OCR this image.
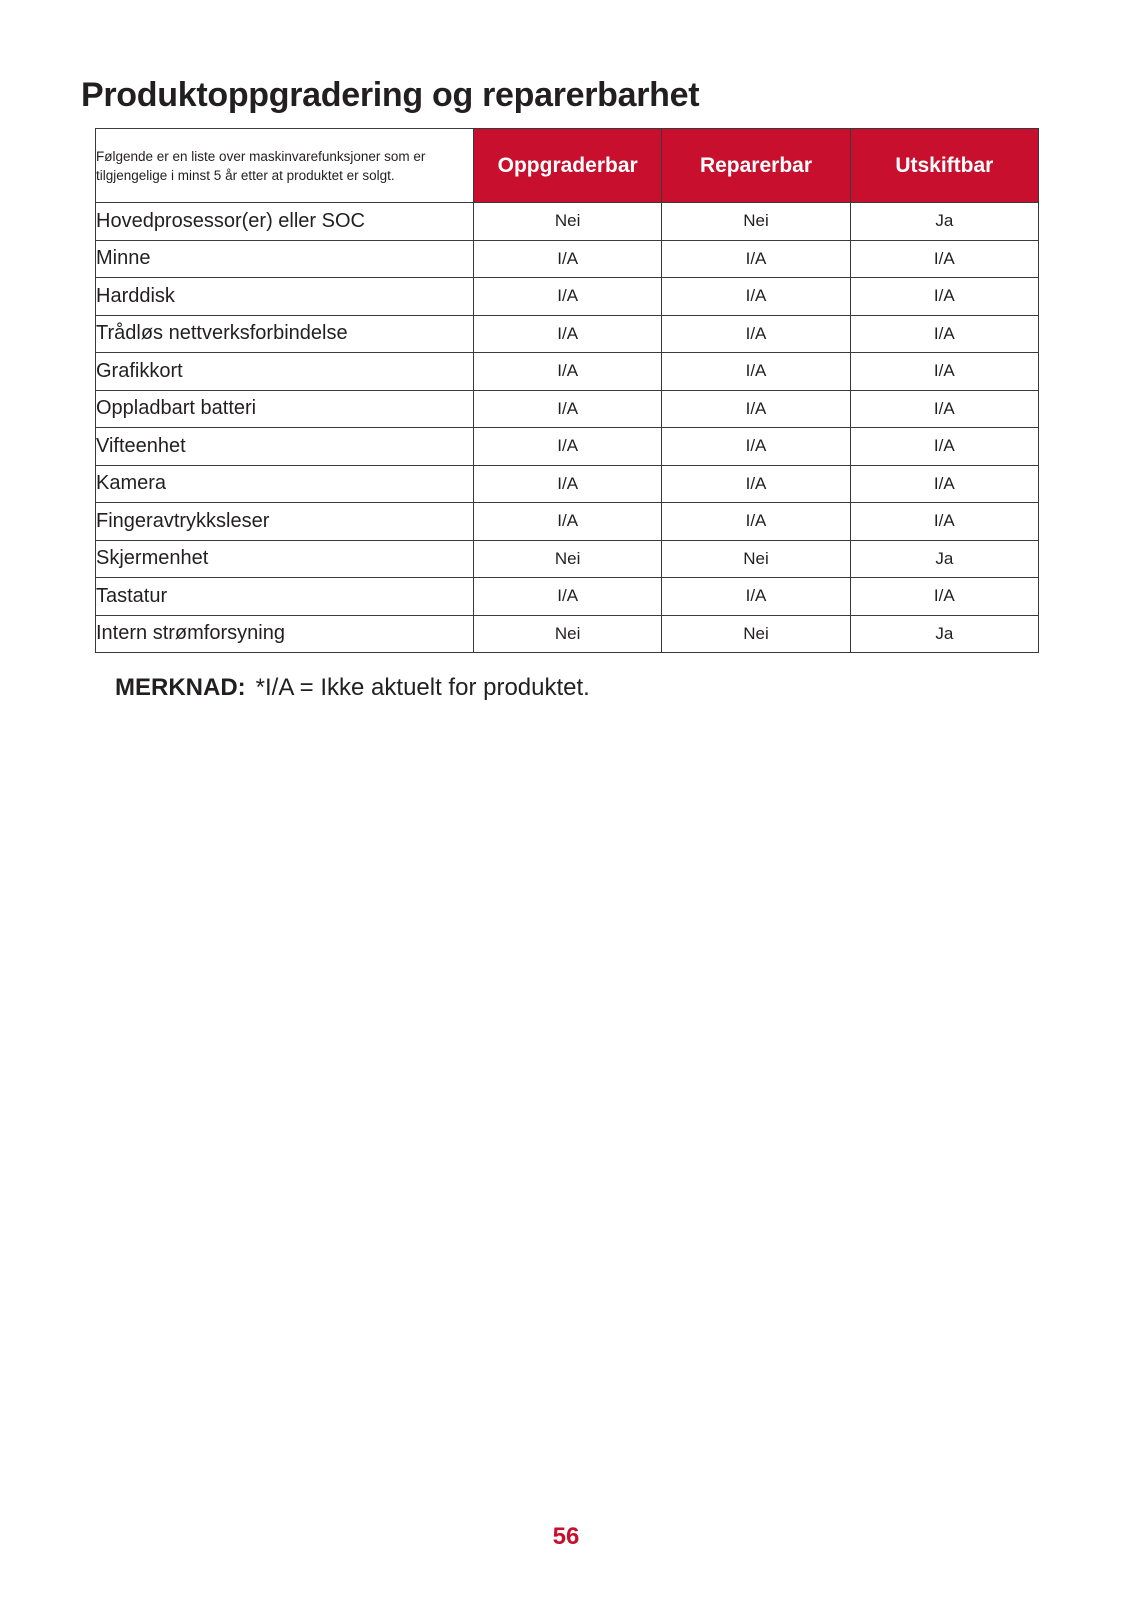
Produktoppgradering og reparerbarhet
Følgende er en liste over maskinvarefunksjoner som er tilgjengelige i minst 5 år etter at produktet er solgt.	Oppgraderbar	Reparerbar	Utskiftbar
Hovedprosessor(er) eller SOC	Nei	Nei	Ja
Minne	I/A	I/A	I/A
Harddisk	I/A	I/A	I/A
Trådløs nettverksforbindelse	I/A	I/A	I/A
Grafikkort	I/A	I/A	I/A
Oppladbart batteri	I/A	I/A	I/A
Vifteenhet	I/A	I/A	I/A
Kamera	I/A	I/A	I/A
Fingeravtrykksleser	I/A	I/A	I/A
Skjermenhet	Nei	Nei	Ja
Tastatur	I/A	I/A	I/A
Intern strømforsyning	Nei	Nei	Ja
MERKNAD: *I/A = Ikke aktuelt for produktet.
56
